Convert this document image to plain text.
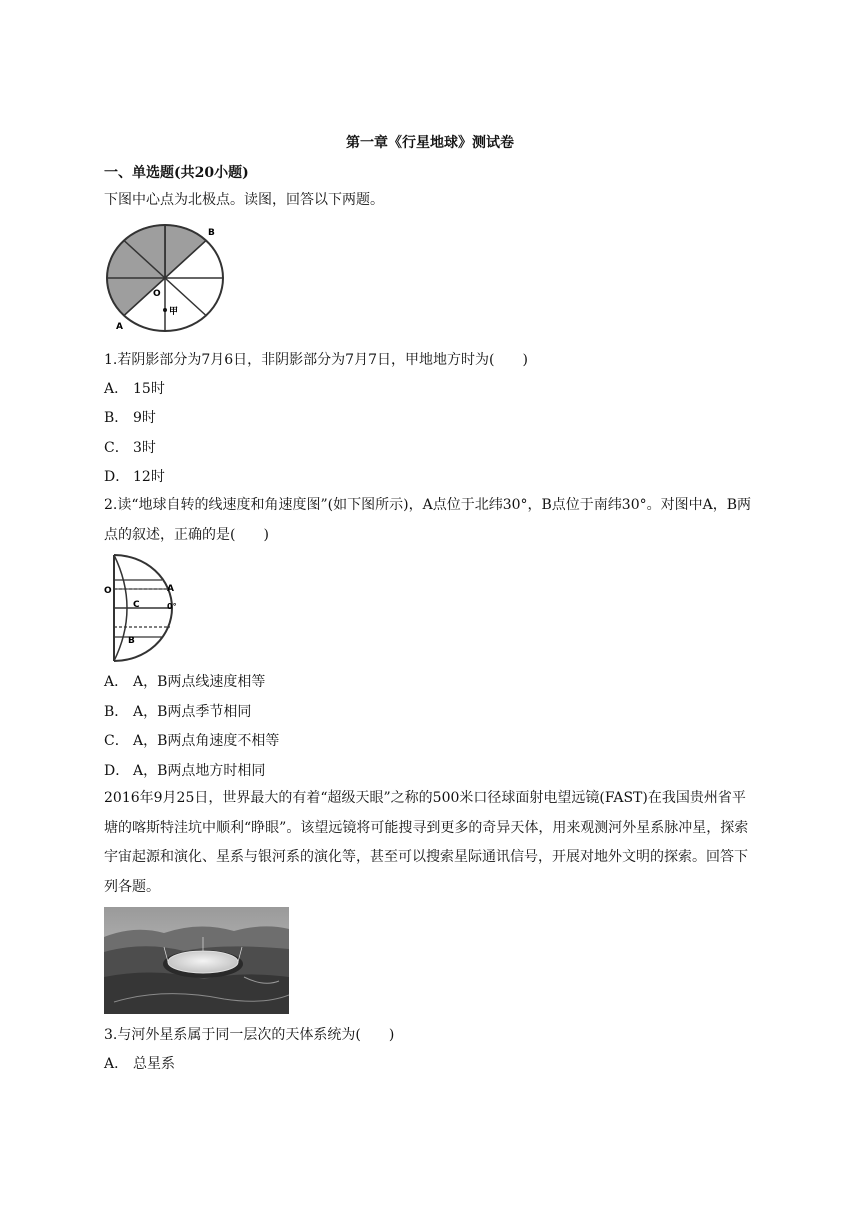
第一章《行星地球》测试卷
一、单选题(共20小题)
下图中心点为北极点。读图，回答以下两题。
B
A
O
甲
1.若阴影部分为7月6日，非阴影部分为7月7日，甲地地方时为(　　)
A． 15时
B． 9时
C． 3时
D． 12时
2.读“地球自转的线速度和角速度图”(如下图所示)，A点位于北纬30°，B点位于南纬30°。对图中A，B两点的叙述，正确的是(　　)
O	A
C	0°
B
A． A，B两点线速度相等
B． A，B两点季节相同
C． A，B两点角速度不相等
D． A，B两点地方时相同
2016年9月25日，世界最大的有着“超级天眼”之称的500米口径球面射电望远镜(FAST)在我国贵州省平塘的喀斯特洼坑中顺利“睁眼”。该望远镜将可能搜寻到更多的奇异天体，用来观测河外星系脉冲星，探索宇宙起源和演化、星系与银河系的演化等，甚至可以搜索星际通讯信号，开展对地外文明的探索。回答下列各题。
3.与河外星系属于同一层次的天体系统为(　　)
A． 总星系
